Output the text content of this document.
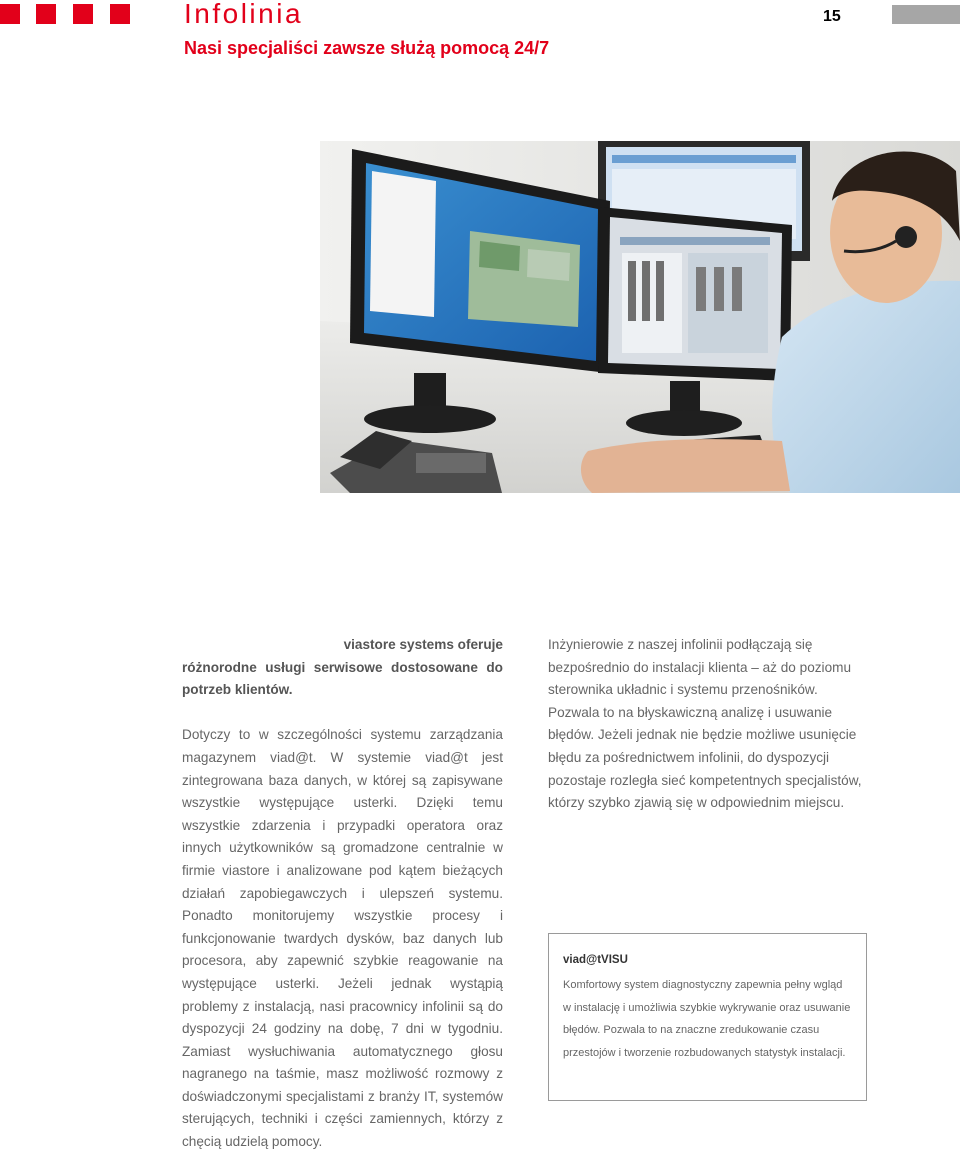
Infolinia
Nasi specjaliści zawsze służą pomocą 24/7
15

viastore systems oferuje
różnorodne usługi serwisowe dostosowane do potrzeb klientów.

Dotyczy to w szczególności systemu zarządzania magazynem viad@t. W systemie viad@t jest zintegrowana baza danych, w której są zapisywane wszystkie występujące usterki. Dzięki temu wszystkie zdarzenia i przypadki operatora oraz innych użytkowników są gromadzone centralnie w firmie viastore i analizowane pod kątem bieżących działań zapobiegawczych i ulepszeń systemu. Ponadto monitorujemy wszystkie procesy i funkcjonowanie twardych dysków, baz danych lub procesora, aby zapewnić szybkie reagowanie na występujące usterki. Jeżeli jednak wystąpią problemy z instalacją, nasi pracownicy infolinii są do dyspozycji 24 godziny na dobę, 7 dni w tygodniu. Zamiast wysłuchiwania automatycznego głosu nagranego na taśmie, masz możliwość rozmowy z doświadczonymi specjalistami z branży IT, systemów sterujących, techniki i części zamiennych, którzy z chęcią udzielą pomocy.

Inżynierowie z naszej infolinii podłączają się bezpośrednio do instalacji klienta – aż do poziomu sterownika układnic i systemu przenośników. Pozwala to na błyskawiczną analizę i usuwanie błędów. Jeżeli jednak nie będzie możliwe usunięcie błędu za pośrednictwem infolinii, do dyspozycji pozostaje rozległa sieć kompetentnych specjalistów, którzy szybko zjawią się w odpowiednim miejscu.

viad@tVISU

Komfortowy system diagnostyczny zapewnia pełny wgląd w instalację i umożliwia szybkie wykrywanie oraz usuwanie błędów. Pozwala to na znaczne zredukowanie czasu przestojów i tworzenie rozbudowanych statystyk instalacji.
